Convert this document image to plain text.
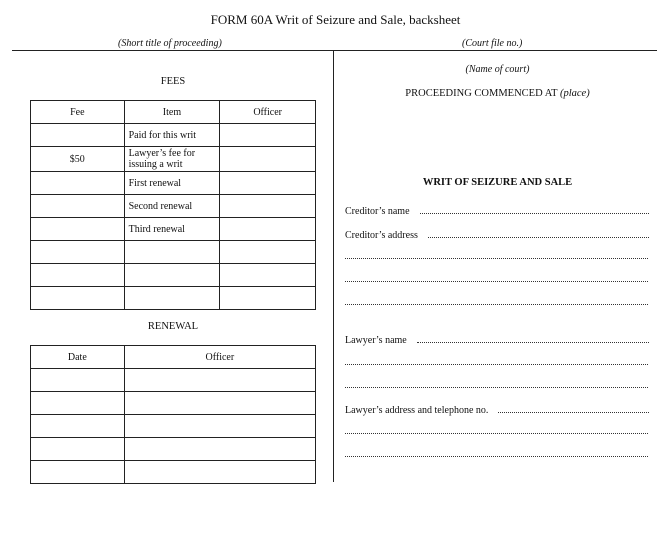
FORM 60A Writ of Seizure and Sale, backsheet
(Short title of proceeding)	(Court file no.)
FEES
Fee	Item	Officer
	Paid for this writ	
$50	Lawyer’s fee for issuing a writ	
	First renewal	
	Second renewal	
	Third renewal	

RENEWAL
Date	Officer

(Name of court)
PROCEEDING COMMENCED AT (place)
WRIT OF SEIZURE AND SALE
Creditor’s name
Creditor’s address
Lawyer’s name
Lawyer’s address and telephone no.
